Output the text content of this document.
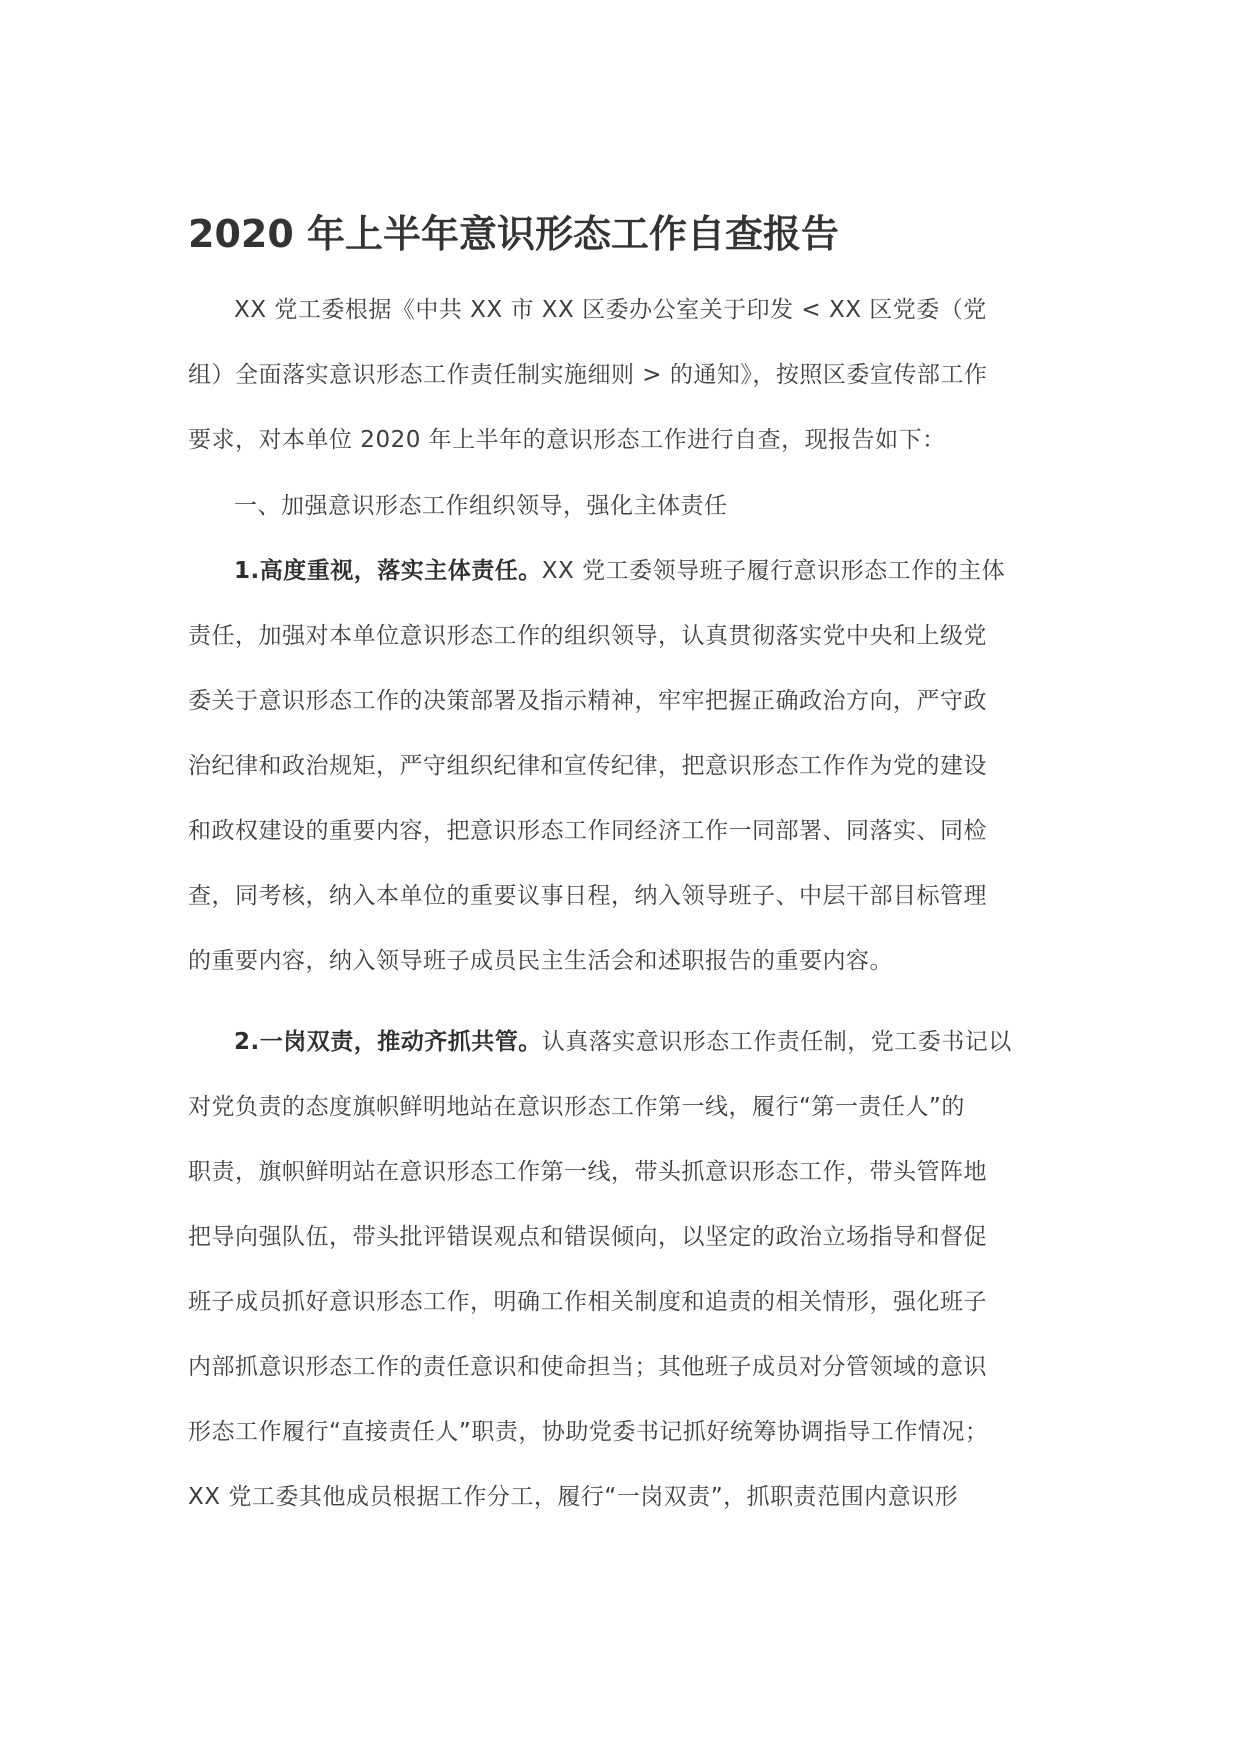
2020 年上半年意识形态工作自查报告
XX 党工委根据《中共 XX 市 XX 区委办公室关于印发 < XX 区党委（党
组）全面落实意识形态工作责任制实施细则 > 的通知》，按照区委宣传部工作
要求，对本单位 2020 年上半年的意识形态工作进行自查，现报告如下：
一、加强意识形态工作组织领导，强化主体责任
1.高度重视，落实主体责任。XX 党工委领导班子履行意识形态工作的主体
责任，加强对本单位意识形态工作的组织领导，认真贯彻落实党中央和上级党
委关于意识形态工作的决策部署及指示精神，牢牢把握正确政治方向，严守政
治纪律和政治规矩，严守组织纪律和宣传纪律，把意识形态工作作为党的建设
和政权建设的重要内容，把意识形态工作同经济工作一同部署、同落实、同检
查，同考核，纳入本单位的重要议事日程，纳入领导班子、中层干部目标管理
的重要内容，纳入领导班子成员民主生活会和述职报告的重要内容。
2.一岗双责，推动齐抓共管。认真落实意识形态工作责任制，党工委书记以
对党负责的态度旗帜鲜明地站在意识形态工作第一线，履行“第一责任人”的
职责，旗帜鲜明站在意识形态工作第一线，带头抓意识形态工作，带头管阵地
把导向强队伍，带头批评错误观点和错误倾向，以坚定的政治立场指导和督促
班子成员抓好意识形态工作，明确工作相关制度和追责的相关情形，强化班子
内部抓意识形态工作的责任意识和使命担当；其他班子成员对分管领域的意识
形态工作履行“直接责任人”职责，协助党委书记抓好统筹协调指导工作情况；
XX 党工委其他成员根据工作分工，履行“一岗双责”，抓职责范围内意识形
